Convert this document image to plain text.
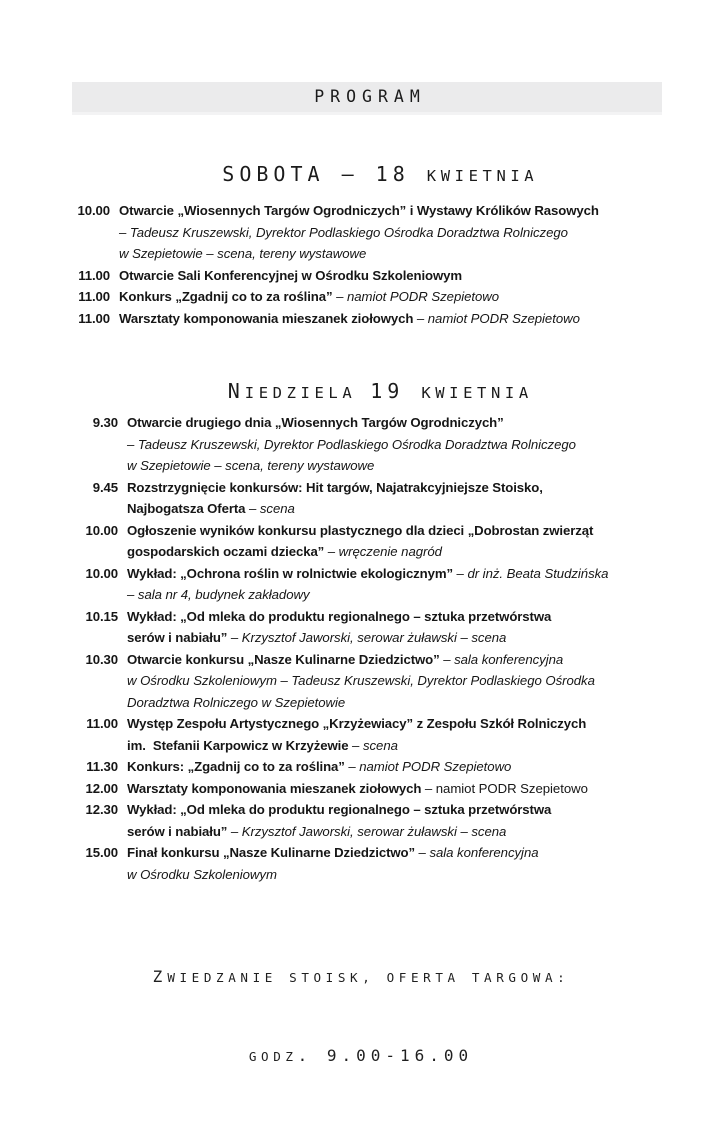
PROGRAM

SOBOTA – 18 KWIETNIA

10.00 Otwarcie „Wiosennych Targów Ogrodniczych” i Wystawy Królików Rasowych
– Tadeusz Kruszewski, Dyrektor Podlaskiego Ośrodka Doradztwa Rolniczego
w Szepietowie – scena, tereny wystawowe
11.00 Otwarcie Sali Konferencyjnej w Ośrodku Szkoleniowym
11.00 Konkurs „Zgadnij co to za roślina” – namiot PODR Szepietowo
11.00 Warsztaty komponowania mieszanek ziołowych – namiot PODR Szepietowo

NIEDZIELA 19 KWIETNIA

9.30 Otwarcie drugiego dnia „Wiosennych Targów Ogrodniczych”
– Tadeusz Kruszewski, Dyrektor Podlaskiego Ośrodka Doradztwa Rolniczego
w Szepietowie – scena, tereny wystawowe
9.45 Rozstrzygnięcie konkursów: Hit targów, Najatrakcyjniejsze Stoisko,
Najbogatsza Oferta – scena
10.00 Ogłoszenie wyników konkursu plastycznego dla dzieci „Dobrostan zwierząt
gospodarskich oczami dziecka” – wręczenie nagród
10.00 Wykład: „Ochrona roślin w rolnictwie ekologicznym” – dr inż. Beata Studzińska
– sala nr 4, budynek zakładowy
10.15 Wykład: „Od mleka do produktu regionalnego – sztuka przetwórstwa
serów i nabiału” – Krzysztof Jaworski, serowar żuławski – scena
10.30 Otwarcie konkursu „Nasze Kulinarne Dziedzictwo” – sala konferencyjna
w Ośrodku Szkoleniowym – Tadeusz Kruszewski, Dyrektor Podlaskiego Ośrodka
Doradztwa Rolniczego w Szepietowie
11.00 Występ Zespołu Artystycznego „Krzyżewiacy” z Zespołu Szkół Rolniczych
im.  Stefanii Karpowicz w Krzyżewie – scena
11.30 Konkurs: „Zgadnij co to za roślina” – namiot PODR Szepietowo
12.00 Warsztaty komponowania mieszanek ziołowych – namiot PODR Szepietowo
12.30 Wykład: „Od mleka do produktu regionalnego – sztuka przetwórstwa
serów i nabiału” – Krzysztof Jaworski, serowar żuławski – scena
15.00 Finał konkursu „Nasze Kulinarne Dziedzictwo” – sala konferencyjna
w Ośrodku Szkoleniowym

ZWIEDZANIE STOISK, OFERTA TARGOWA:

GODZ. 9.00-16.00
